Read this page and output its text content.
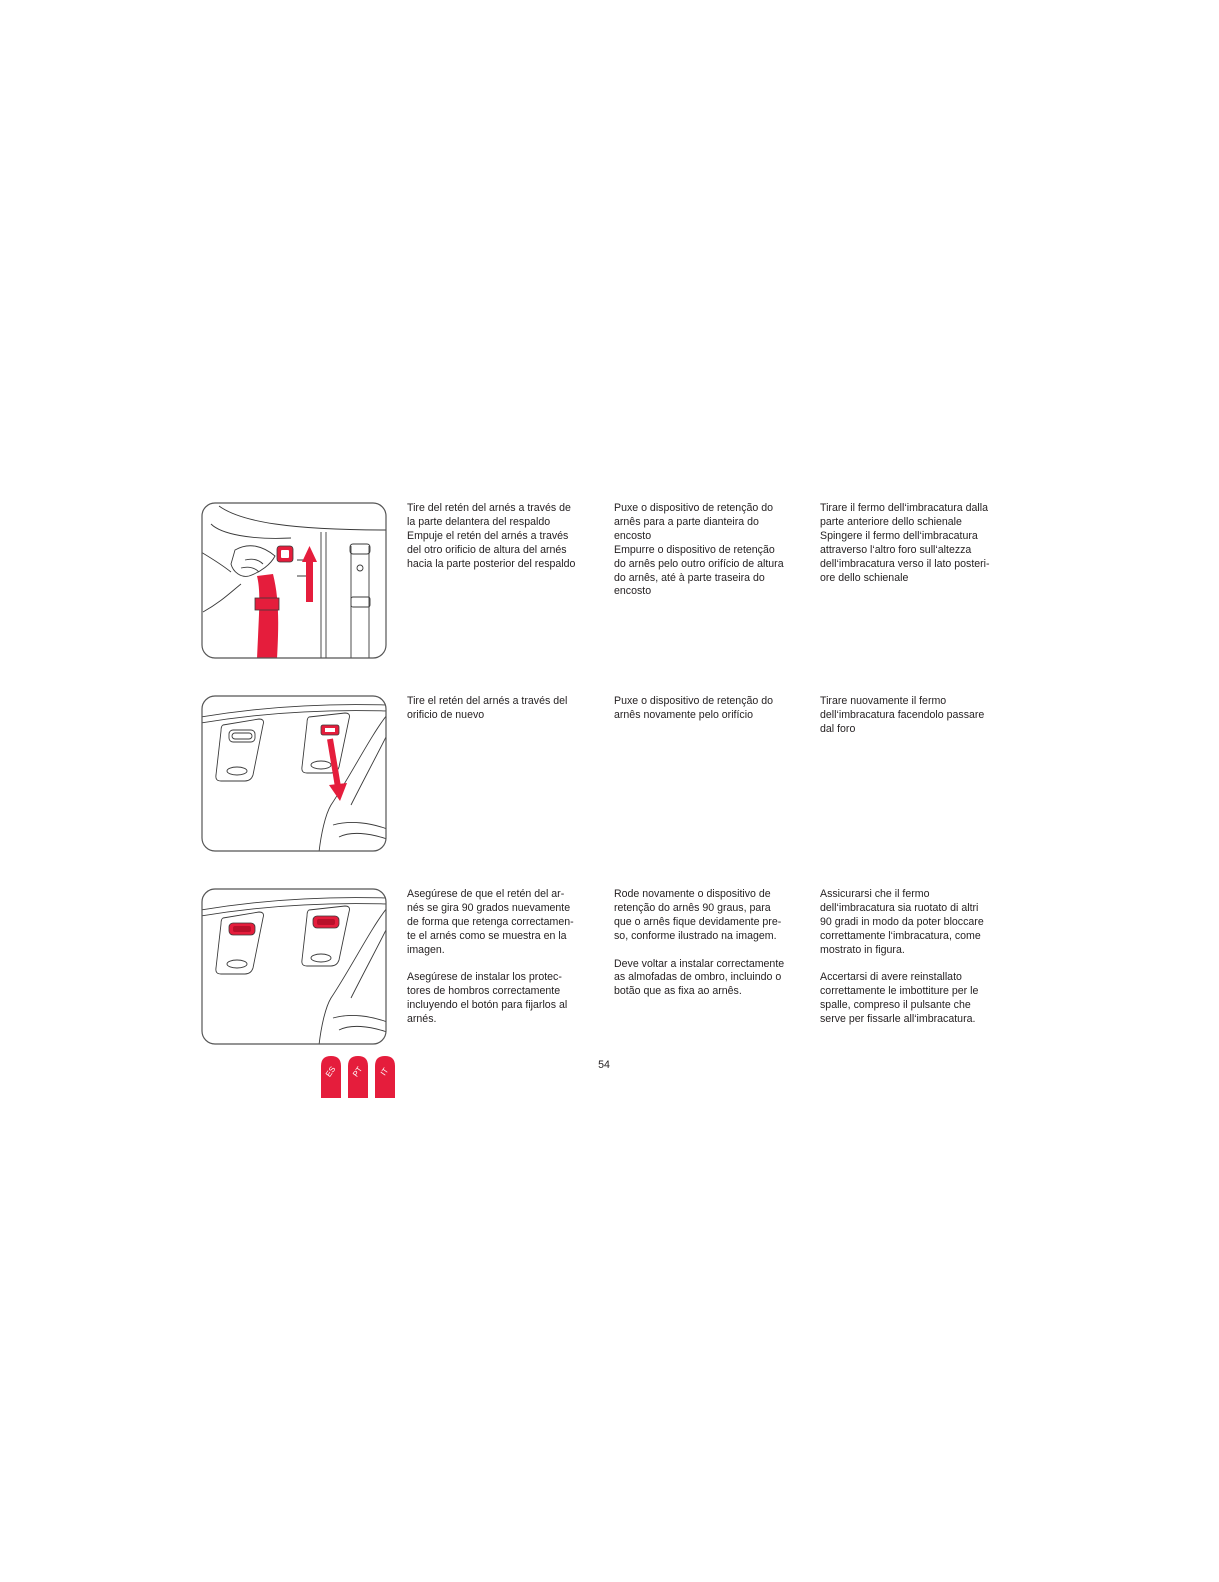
Tire del retén del arnés a través de
la parte delantera del respaldo
Empuje el retén del arnés a través
del otro orificio de altura del arnés
hacia la parte posterior del respaldo

Puxe o dispositivo de retenção do
arnês para a parte dianteira do
encosto
Empurre o dispositivo de retenção
do arnês pelo outro orifício de altura
do arnês, até à parte traseira do
encosto

Tirare il fermo dell‘imbracatura dalla
parte anteriore dello schienale
Spingere il fermo dell‘imbracatura
attraverso l‘altro foro sull‘altezza
dell‘imbracatura verso il lato posteri-
ore dello schienale

Tire el retén del arnés a través del
orificio de nuevo

Puxe o dispositivo de retenção do
arnês novamente pelo orifício

Tirare nuovamente il fermo
dell‘imbracatura facendolo passare
dal foro

Asegúrese de que el retén del ar-
nés se gira 90 grados nuevamente
de forma que retenga correctamen-
te el arnés como se muestra en la
imagen.

Asegúrese de instalar los protec-
tores de hombros correctamente
incluyendo el botón para fijarlos al
arnés.

Rode novamente o dispositivo de
retenção do arnês 90 graus, para
que o arnês fique devidamente pre-
so, conforme ilustrado na imagem.

Deve voltar a instalar correctamente
as almofadas de ombro, incluindo o
botão que as fixa ao arnês.

Assicurarsi che il fermo
dell‘imbracatura sia ruotato di altri
90 gradi in modo da poter bloccare
correttamente l‘imbracatura, come
mostrato in figura.

Accertarsi di avere reinstallato
correttamente le imbottiture per le
spalle, compreso il pulsante che
serve per fissarle all‘imbracatura.

ES PT IT
54
